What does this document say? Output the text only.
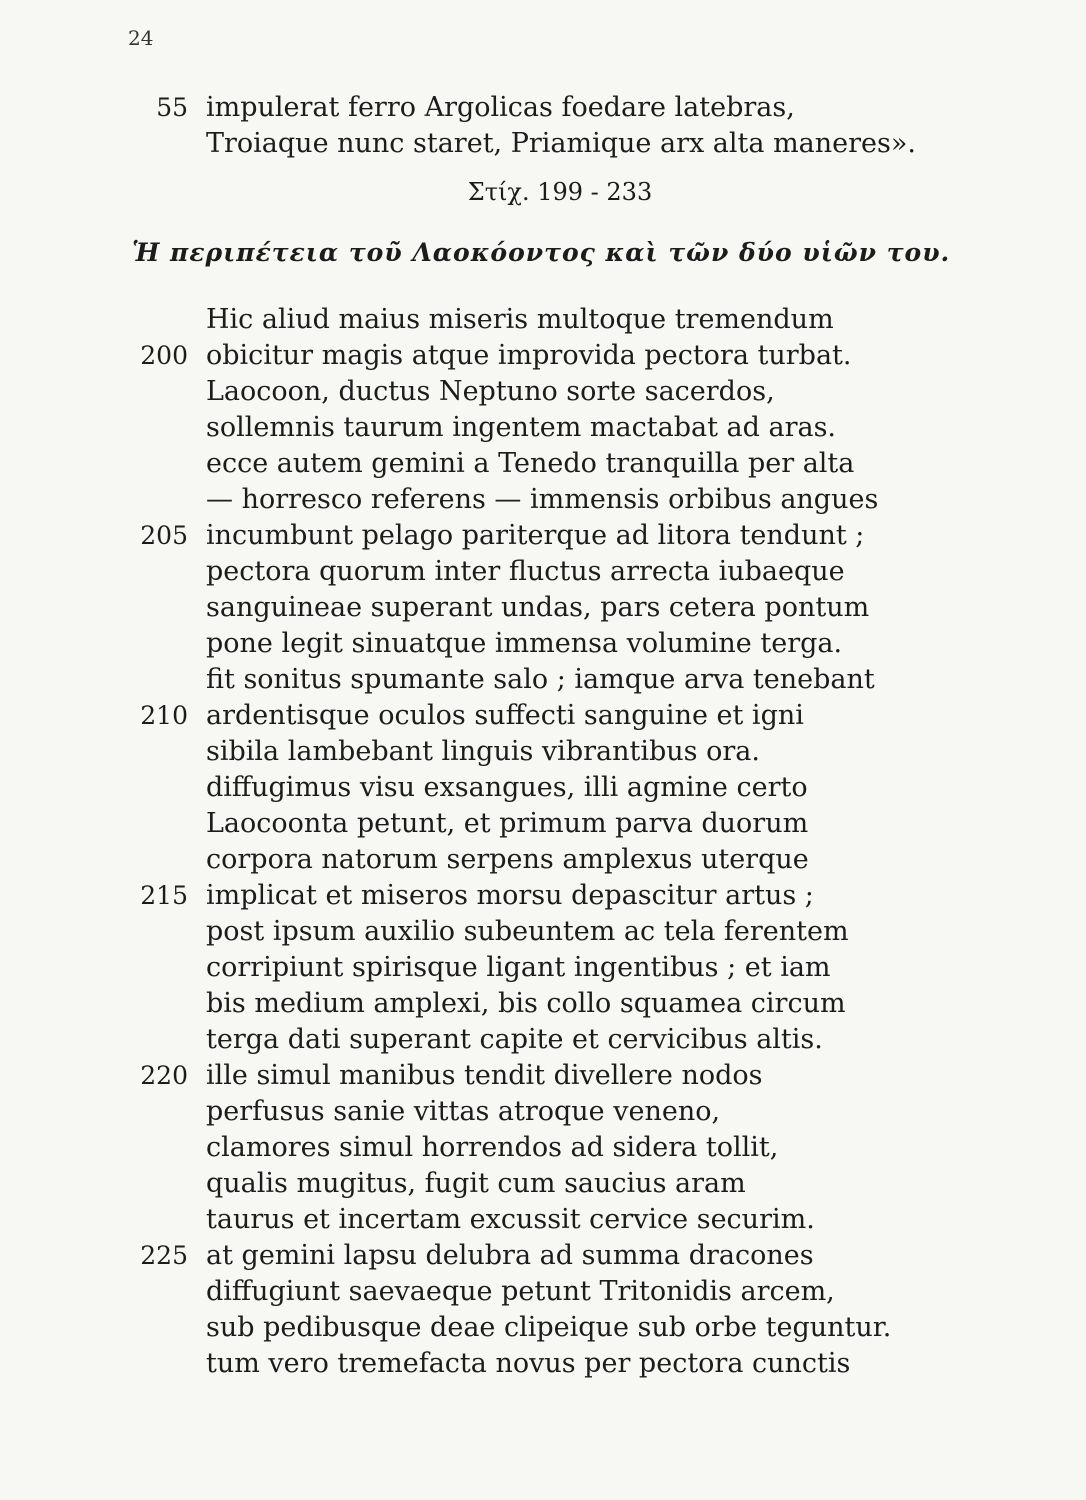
24
55 impulerat ferro Argolicas foedare latebras,
Troiaque nunc staret, Priamique arx alta maneres».
Στίχ. 199 - 233
Ἡ περιπέτεια τοῦ Λαοκόοντος καὶ τῶν δύο υἱῶν του.
Hic aliud maius miseris multoque tremendum
200 obicitur magis atque improvida pectora turbat.
Laocoon, ductus Neptuno sorte sacerdos,
sollemnis taurum ingentem mactabat ad aras.
ecce autem gemini a Tenedo tranquilla per alta
— horresco referens — immensis orbibus angues
205 incumbunt pelago pariterque ad litora tendunt ;
pectora quorum inter fluctus arrecta iubaeque
sanguineae superant undas, pars cetera pontum
pone legit sinuatque immensa volumine terga.
fit sonitus spumante salo ; iamque arva tenebant
210 ardentisque oculos suffecti sanguine et igni
sibila lambebant linguis vibrantibus ora.
diffugimus visu exsangues, illi agmine certo
Laocoonta petunt, et primum parva duorum
corpora natorum serpens amplexus uterque
215 implicat et miseros morsu depascitur artus ;
post ipsum auxilio subeuntem ac tela ferentem
corripiunt spirisque ligant ingentibus ; et iam
bis medium amplexi, bis collo squamea circum
terga dati superant capite et cervicibus altis.
220 ille simul manibus tendit divellere nodos
perfusus sanie vittas atroque veneno,
clamores simul horrendos ad sidera tollit,
qualis mugitus, fugit cum saucius aram
taurus et incertam excussit cervice securim.
225 at gemini lapsu delubra ad summa dracones
diffugiunt saevaeque petunt Tritonidis arcem,
sub pedibusque deae clipeique sub orbe teguntur.
tum vero tremefacta novus per pectora cunctis
